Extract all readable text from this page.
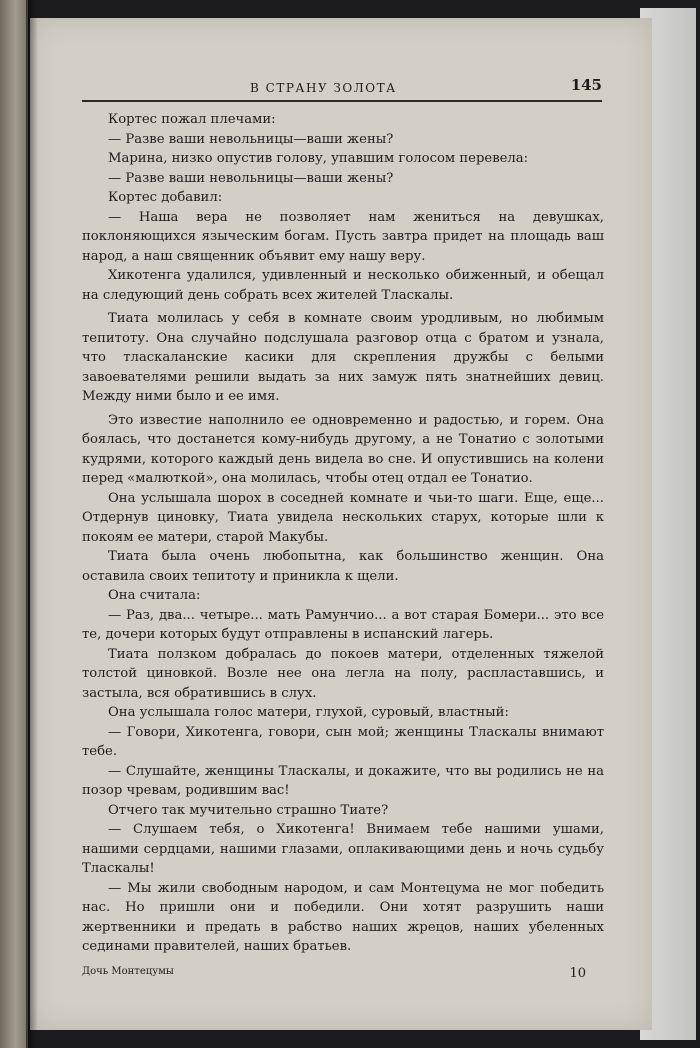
В СТРАНУ ЗОЛОТА	145

Кортес пожал плечами:

— Разве ваши невольницы—ваши жены?

Марина, низко опустив голову, упавшим голосом перевела:

— Разве ваши невольницы—ваши жены?

Кортес добавил:

— Наша вера не позволяет нам жениться на девушках, поклоняющихся языческим богам. Пусть завтра придет на площадь ваш народ, а наш священник объявит ему нашу веру.

Хикотенга удалился, удивленный и несколько обиженный, и обещал на следующий день собрать всех жителей Тласкалы.

Тиата молилась у себя в комнате своим уродливым, но любимым тепитоту. Она случайно подслушала разговор отца с братом и узнала, что тласкаланские касики для скрепления дружбы с белыми завоевателями решили выдать за них замуж пять знатнейших девиц. Между ними было и ее имя.

Это известие наполнило ее одновременно и радостью, и горем. Она боялась, что достанется кому-нибудь другому, а не Тонатио с золотыми кудрями, которого каждый день видела во сне. И опустившись на колени перед «малюткой», она молилась, чтобы отец отдал ее Тонатио.

Она услышала шорох в соседней комнате и чьи-то шаги. Еще, еще... Отдернув циновку, Тиата увидела нескольких старух, которые шли к покоям ее матери, старой Макубы.

Тиата была очень любопытна, как большинство женщин. Она оставила своих тепитоту и приникла к щели.

Она считала:

— Раз, два... четыре... мать Рамунчио... а вот старая Бомери... это все те, дочери которых будут отправлены в испанский лагерь.

Тиата ползком добралась до покоев матери, отделенных тяжелой толстой циновкой. Возле нее она легла на полу, распластавшись, и застыла, вся обратившись в слух.

Она услышала голос матери, глухой, суровый, властный:

— Говори, Хикотенга, говори, сын мой; женщины Тласкалы внимают тебе.

— Слушайте, женщины Тласкалы, и докажите, что вы родились не на позор чревам, родившим вас!

Отчего так мучительно страшно Тиате?

— Слушаем тебя, о Хикотенга! Внимаем тебе нашими ушами, нашими сердцами, нашими глазами, оплакивающими день и ночь судьбу Тласкалы!

— Мы жили свободным народом, и сам Монтецума не мог победить нас. Но пришли они и победили. Они хотят разрушить наши жертвенники и предать в рабство наших жрецов, наших убеленных сединами правителей, наших братьев.

Дочь Монтецумы	10
